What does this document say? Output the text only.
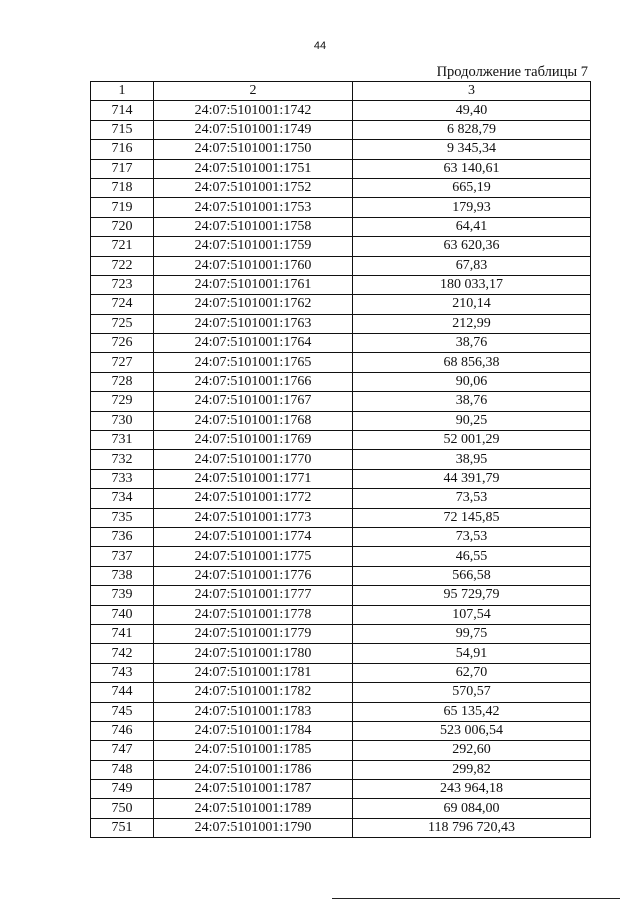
44
Продолжение таблицы 7
1	2	3
714	24:07:5101001:1742	49,40
715	24:07:5101001:1749	6 828,79
716	24:07:5101001:1750	9 345,34
717	24:07:5101001:1751	63 140,61
718	24:07:5101001:1752	665,19
719	24:07:5101001:1753	179,93
720	24:07:5101001:1758	64,41
721	24:07:5101001:1759	63 620,36
722	24:07:5101001:1760	67,83
723	24:07:5101001:1761	180 033,17
724	24:07:5101001:1762	210,14
725	24:07:5101001:1763	212,99
726	24:07:5101001:1764	38,76
727	24:07:5101001:1765	68 856,38
728	24:07:5101001:1766	90,06
729	24:07:5101001:1767	38,76
730	24:07:5101001:1768	90,25
731	24:07:5101001:1769	52 001,29
732	24:07:5101001:1770	38,95
733	24:07:5101001:1771	44 391,79
734	24:07:5101001:1772	73,53
735	24:07:5101001:1773	72 145,85
736	24:07:5101001:1774	73,53
737	24:07:5101001:1775	46,55
738	24:07:5101001:1776	566,58
739	24:07:5101001:1777	95 729,79
740	24:07:5101001:1778	107,54
741	24:07:5101001:1779	99,75
742	24:07:5101001:1780	54,91
743	24:07:5101001:1781	62,70
744	24:07:5101001:1782	570,57
745	24:07:5101001:1783	65 135,42
746	24:07:5101001:1784	523 006,54
747	24:07:5101001:1785	292,60
748	24:07:5101001:1786	299,82
749	24:07:5101001:1787	243 964,18
750	24:07:5101001:1789	69 084,00
751	24:07:5101001:1790	118 796 720,43
